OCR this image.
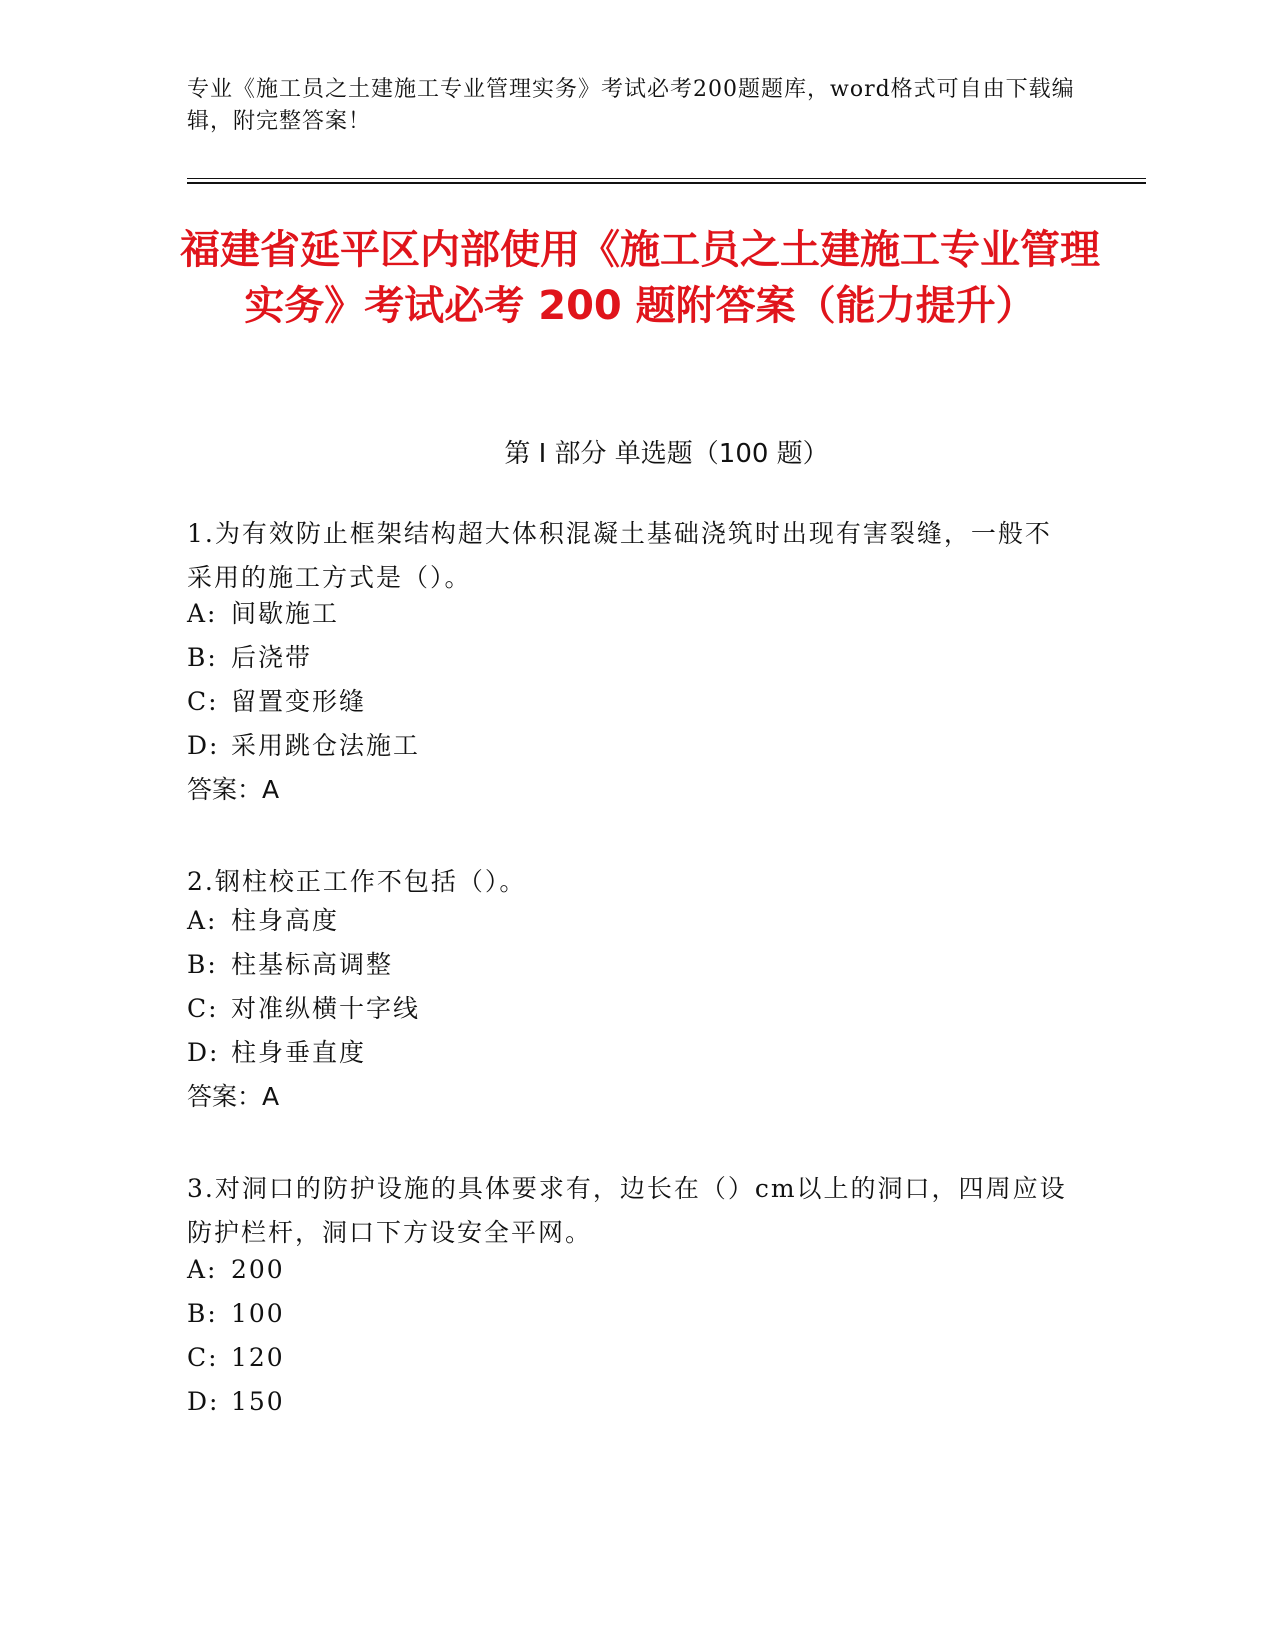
专业《施工员之土建施工专业管理实务》考试必考200题题库，word格式可自由下载编辑，附完整答案！
福建省延平区内部使用《施工员之土建施工专业管理实务》考试必考 200 题附答案（能力提升）
第 I 部分 单选题（100 题）
1.为有效防止框架结构超大体积混凝土基础浇筑时出现有害裂缝，一般不采用的施工方式是（）。
A: 间歇施工
B: 后浇带
C: 留置变形缝
D: 采用跳仓法施工
答案：A
2.钢柱校正工作不包括（）。
A: 柱身高度
B: 柱基标高调整
C: 对准纵横十字线
D: 柱身垂直度
答案：A
3.对洞口的防护设施的具体要求有，边长在（）cm以上的洞口，四周应设防护栏杆，洞口下方设安全平网。
A: 200
B: 100
C: 120
D: 150
